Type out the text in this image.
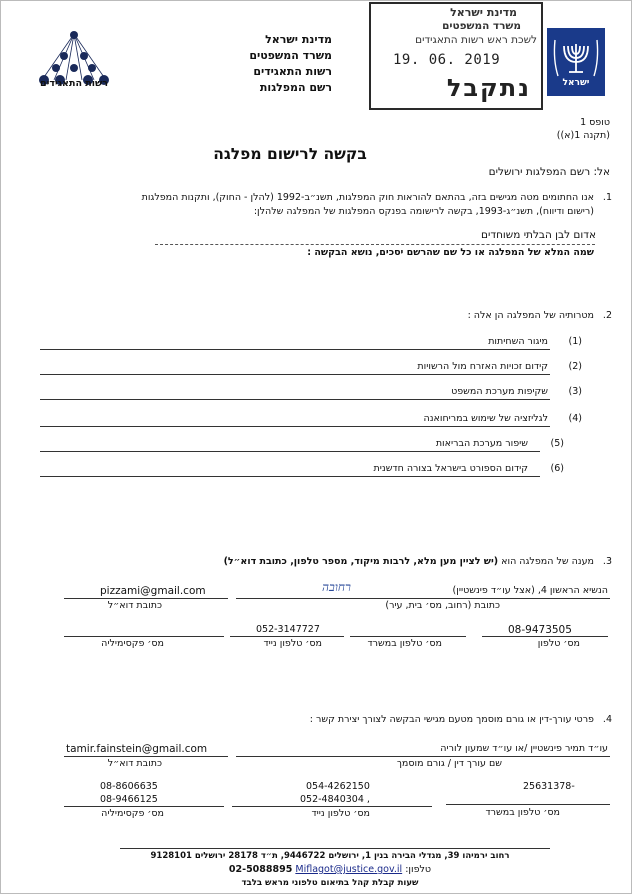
רשות התאגידים
מדינת ישראל
משרד המשפטים
רשות התאגידים
רשם המפלגות
מדינת ישראל
משרד המשפטים
לשכת ראש רשות התאגידים
19. 06. 2019
נתקבל	ישראל
טופס 1
(תקנה 1(א))
בקשה לרישום מפלגה
אל: רשם המפלגות ירושלים
1.
אנו החתומים מטה מגישים בזה, בהתאם להוראות חוק המפלגות, תשנ״ב-1992 (להלן - החוק), ותקנות המפלגות
(רישום ודיווח), תשנ״ג-1993, בקשה לרישומה בפנקס המפלגות של המפלגה שלהלן:
אדום לבן הבלתי משוחדים
שמה המלא של המפלגה או כל שם שהרשם יסכים, נושא הבקשה :
2.
מטרותיה של המפלגה הן אלה :
(1)
מיגור השחיתות
(2)
קידום זכויות האזרח מול הרשויות
(3)
שקיפות מערכת המשפט
(4)
לגליזציה של שימוש במריחואנה
(5)
שיפור מערכת הבריאות
(6)
קידום הספורט בישראל בצורה חדשנית
3.
מענה של המפלגה הוא (יש לציין מען מלא, לרבות מיקוד, מספר טלפון, כתובת דוא״ל)
הנשיא הראשון 4, (אצל עו״ד פינשטיין)
רחובה
כתובת (רחוב, מס׳ בית, עיר)
pizzami@gmail.com
כתובת דוא״ל
08-9473505
מס׳ טלפון
מס׳ טלפון במשרד
052-3147727
מס׳ טלפון נייד
מס׳ פקסימיליה
4.
פרטי עורך-דין או גורם מוסמך מטעם מגישי הבקשה לצורך יצירת קשר :
עו״ד תמיר פינשטיין /או עו״ד שמעון לוריה
שם עורך דין / גורם מוסמך
tamir.fainstein@gmail.com
כתובת דוא״ל
25631378-
מס׳ טלפון במשרד
054-4262150
052-4840304 ,
מס׳ טלפון נייד
08-8606635
08-9466125
מס׳ פקסימיליה
רחוב ירמיהו 39, מגדלי הבירה בנין 1, ירושלים 9446722, ת״ד 28178 ירושלים 9128101
טלפון: 02-5088895 Miflagot@justice.gov.il
שעות קבלת קהל בתיאום טלפוני מראש בלבד
